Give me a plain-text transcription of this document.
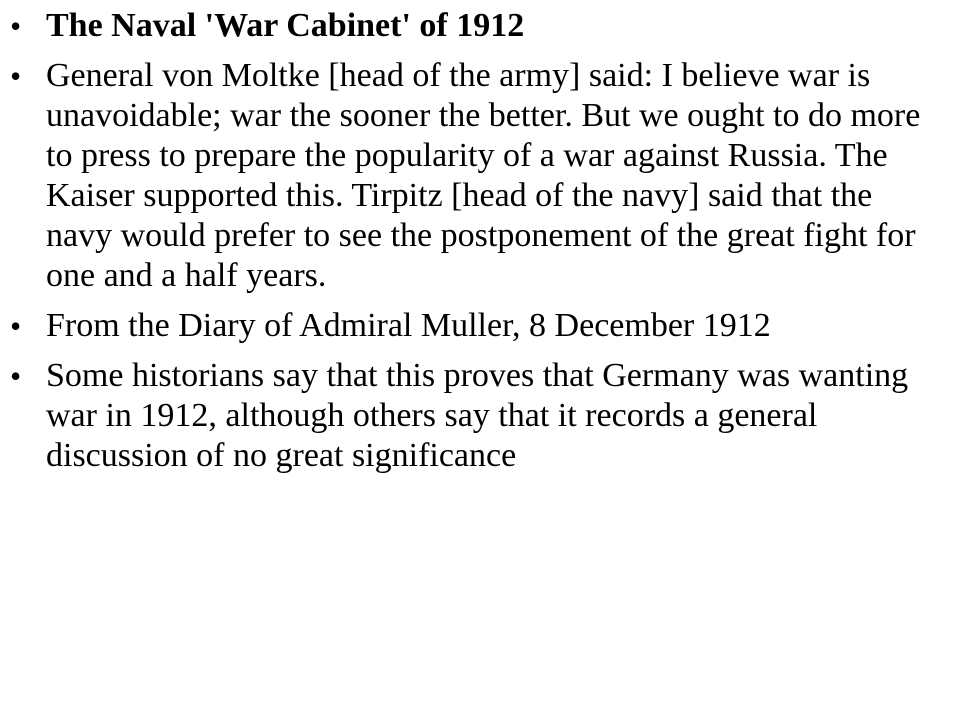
• The Naval 'War Cabinet' of 1912
• General von Moltke [head of the army] said: I believe war is unavoidable; war the sooner the better. But we ought to do more to press to prepare the popularity of a war against Russia. The Kaiser supported this. Tirpitz [head of the navy] said that the navy would prefer to see the postponement of the great fight for one and a half years.
• From the Diary of Admiral Muller, 8 December 1912
• Some historians say that this proves that Germany was wanting war in 1912, although others say that it records a general discussion of no great significance
